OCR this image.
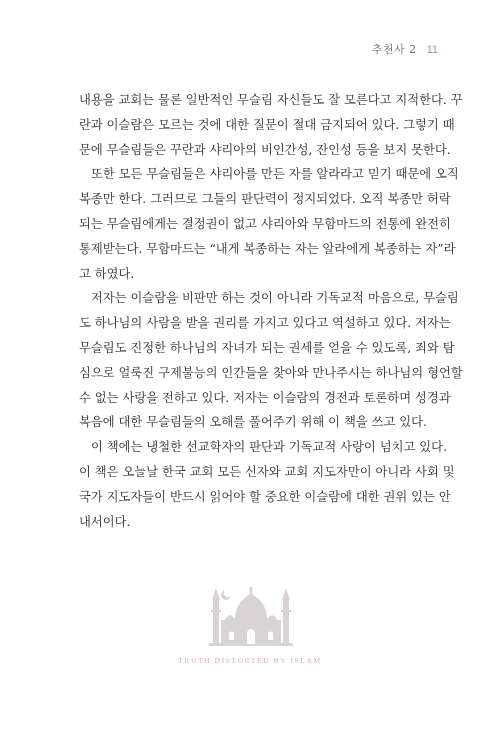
추천사 2 11
내용을 교회는 물론 일반적인 무슬림 자신들도 잘 모른다고 지적한다. 꾸
란과 이슬람은 모르는 것에 대한 질문이 절대 금지되어 있다. 그렇기 때
문에 무슬림들은 꾸란과 샤리아의 비인간성, 잔인성 등을 보지 못한다.
또한 모든 무슬림들은 샤리아를 만든 자를 알라라고 믿기 때문에 오직
복종만 한다. 그러므로 그들의 판단력이 정지되었다. 오직 복종만 허락
되는 무슬림에게는 결정권이 없고 샤리아와 무함마드의 전통에 완전히
통제받는다. 무함마드는 “내게 복종하는 자는 알라에게 복종하는 자”라
고 하였다.
저자는 이슬람을 비판만 하는 것이 아니라 기독교적 마음으로, 무슬림
도 하나님의 사람을 받을 권리를 가지고 있다고 역설하고 있다. 저자는
무슬림도 진정한 하나님의 자녀가 되는 권세를 얻을 수 있도록, 죄와 탐
심으로 얼룩진 구제불능의 인간들을 찾아와 만나주시는 하나님의 형언할
수 없는 사랑을 전하고 있다. 저자는 이슬람의 경전과 토론하며 성경과
복음에 대한 무슬림들의 오해를 풀어주기 위해 이 책을 쓰고 있다.
이 책에는 냉철한 선교학자의 판단과 기독교적 사랑이 넘치고 있다.
이 책은 오늘날 한국 교회 모든 신자와 교회 지도자만이 아니라 사회 및
국가 지도자들이 반드시 읽어야 할 중요한 이슬람에 대한 권위 있는 안
내서이다.
TRUTH DISTORTED BY ISLAM
